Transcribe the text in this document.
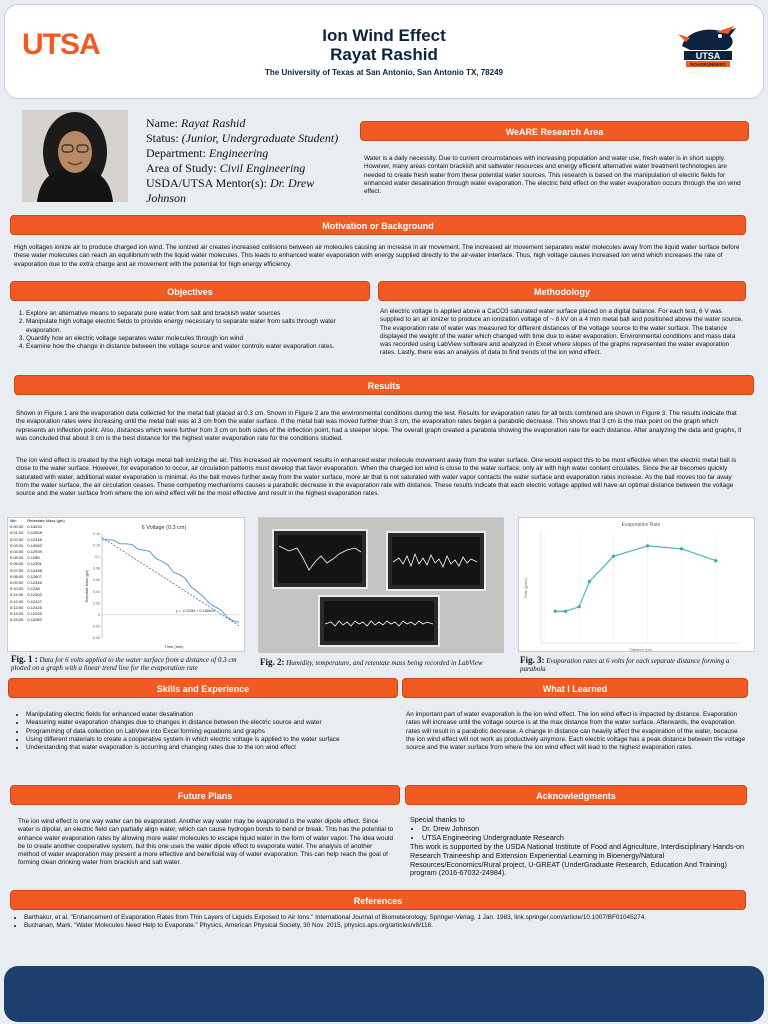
UTSA	Ion Wind Effect
Rayat Rashid
The University of Texas at San Antonio, San Antonio TX, 78249
UTSA
ROADRUNNERS
Name: Rayat Rashid
Status: (Junior, Undergraduate Student)
Department: Engineering
Area of Study: Civil Engineering
USDA/UTSA Mentor(s): Dr. Drew Johnson
WeARE Research Area
Water is a daily necessity. Due to current circumstances with increasing population and water use, fresh water is in short supply. However, many areas contain brackish and saltwater resources and energy efficient alternative water treatment technologies are needed to create fresh water from these potential water sources. This research is based on the manipulation of electric fields for enhanced water desalination through water evaporation. The electric field effect on the water evaporation occurs through the ion wind effect.
Motivation or Background
High voltages ionize air to produce charged ion wind. The ionized air creates increased collisions between air molecules causing an increase in air movement. The increased air movement separates water molecules away from the liquid water surface before these water molecules can reach an equilibrium with the liquid water molecules. This leads to enhanced water evaporation with energy supplied directly to the air-water interface. Thus, high voltage causes increased ion wind which increases the rate of evaporation due to the extra charge and air movement with the potential for high energy efficiency.
Objectives
1. Explore an alternative means to separate pure water from salt and brackish water sources
2. Manipulate high voltage electric fields to provide energy necessary to separate water from salts through water evaporation.
3. Quantify how an electric voltage separates water molecules through ion wind
4. Examine how the change in distance between the voltage source and water controls water evaporation rates.
Methodology
An electric voltage is applied above a CaCO3 saturated water surface placed on a digital balance. For each test, 6 V was supplied to an air ionizer to produce an ionization voltage of ~ 8 kV on a 4 mm metal ball and positioned above the water source. The evaporation rate of water was measured for different distances of the voltage source to the water surface. The balance displayed the weight of the water which changed with time due to water evaporation. Environmental conditions and mass data was recorded using LabView software and analyzed in Excel where slopes of the graphs represented the water evaporation rates. Lastly, there was an analysis of data to find trends of the ion wind effect.
Results
Shown in Figure 1 are the evaporation data collected for the metal ball placed at 0.3 cm. Shown in Figure 2 are the environmental conditions during the test. Results for evaporation rates for all tests combined are shown in Figure 3. The results indicate that the evaporation rates were increasing until the metal ball was at 3 cm from the water surface. If the metal ball was moved further than 3 cm, the evaporation rates began a parabolic decrease. This shows that 3 cm is the max point on the graph which represents an inflection point. Also, distances which were further from 3 cm on both sides of the inflection point, had a steeper slope. The overall graph created a parabola showing the evaporation rate for each distance. After analyzing the data and graphs, it was concluded that about 3 cm is the best distance for the highest water evaporation rate for the conditions studied.
The ion wind effect is created by the high voltage metal ball ionizing the air. This increased air movement results in enhanced water molecule movement away from the water surface. One would expect this to be most effective when the electric metal ball is close to the water surface. However, for evaporation to occur, air circulation patterns must develop that favor evaporation. When the charged ion wind is close to the water surface, only air with high water content circulates. Since the air becomes quickly saturated with water, additional water evaporation is minimal. As the ball moves further away from the water surface, more air that is not saturated with water vapor contacts the water surface and evaporation rates increase. As the ball moves too far away from the water surface, the air circulation ceases. These competing mechanisms causes a parabolic decrease in the evaporation rate with distance. These results indicate that each electric voltage applied will have an optimal distance between the voltage source and the water surface from where the ion wind effect will be the most effective and result in the highest evaporation rates.
Min	Retentate Mass (gm)
0:00:00	0.13033
0:01:00	0.12928
0:02:00	0.12346
0:03:00	0.13062
0:04:00	0.12939
0:05:00	0.1285
0:06:00	0.12391
0:07:00	0.12498
0:08:00	0.12607
0:09:00	0.12345
0:10:00	0.1238
0:11:00	0.12303
0:12:00	0.12427
0:13:00	0.12425
0:14:00	0.12205
0:15:00	0.12083
6 Voltage (0.3 cm)
0.14
0.12
0.1
0.08
0.06
0.04
0.02
0
-0.02
-0.04
y = -0.0028x + 0.1488x97
Time (min)
Retentate Mass (gm)
Fig. 1 : Data for 6 volts applied to the water surface from a distance of 0.3 cm plotted on a graph with a linear trend line for the evaporation rate
Fig. 2: Humidity, temperature, and retentate mass being recorded in LabView
Evaporation Rate
Distance (cm)
Rate (g/min)
Fig. 3: Evaporation rates at 6 volts for each separate distance forming a parabola
Skills and Experience
• Manipulating electric fields for enhanced water desalination
• Measuring water evaporation changes due to changes in distance between the electric source and water
• Programming of data collection on LabView into Excel forming equations and graphs
• Using different materials to create a cooperative system in which electric voltage is applied to the water surface
• Understanding that water evaporation is occurring and changing rates due to the ion wind effect
What I Learned
An important part of water evaporation is the ion wind effect. The ion wind effect is impacted by distance. Evaporation rates will increase until the voltage source is at the max distance from the water surface. Afterwards, the evaporation rates will result in a parabolic decrease. A change in distance can heavily affect the evaporation of the water, because the ion wind effect will not work as productively anymore. Each electric voltage has a peak distance between the voltage source and the water surface from where the ion wind effect will lead to the highest evaporation rates.
Future Plans
The ion wind effect is one way water can be evaporated. Another way water may be evaporated is the water dipole effect. Since water is dipolar, an electric field can partially align water, which can cause hydrogen bonds to bend or break. This has the potential to enhance water evaporation rates by allowing more water molecules to escape liquid water in the form of water vapor. The idea would be to create another cooperative system, but this one uses the water dipole effect to evaporate water. The analysis of another method of water evaporation may present a more effective and beneficial way of water evaporation. This can help reach the goal of forming clean drinking water from brackish and salt water.
Acknowledgments
Special thanks to
• Dr. Drew Johnson
• UTSA Engineering Undergraduate Research
This work is supported by the USDA National Institute of Food and Agriculture, Interdisciplinary Hands-on Research Traineeship and Extension Experiential Learning in Bioenergy/Natural Resources/Economics/Rural project, U-GREAT (UnderGraduate Research, Education And Training) program (2016-67032-24984).
References
• Barthakur, et al. "Enhancement of Evaporation Rates from Thin Layers of Liquids Exposed to Air Ions." International Journal of Biometeorology, Springer-Verlag, 1 Jan. 1983, link.springer.com/article/10.1007/BF01045274.
• Buchanan, Mark. "Water Molecules Need Help to Evaporate." Physics, American Physical Society, 30 Nov. 2015, physics.aps.org/articles/v8/118.
